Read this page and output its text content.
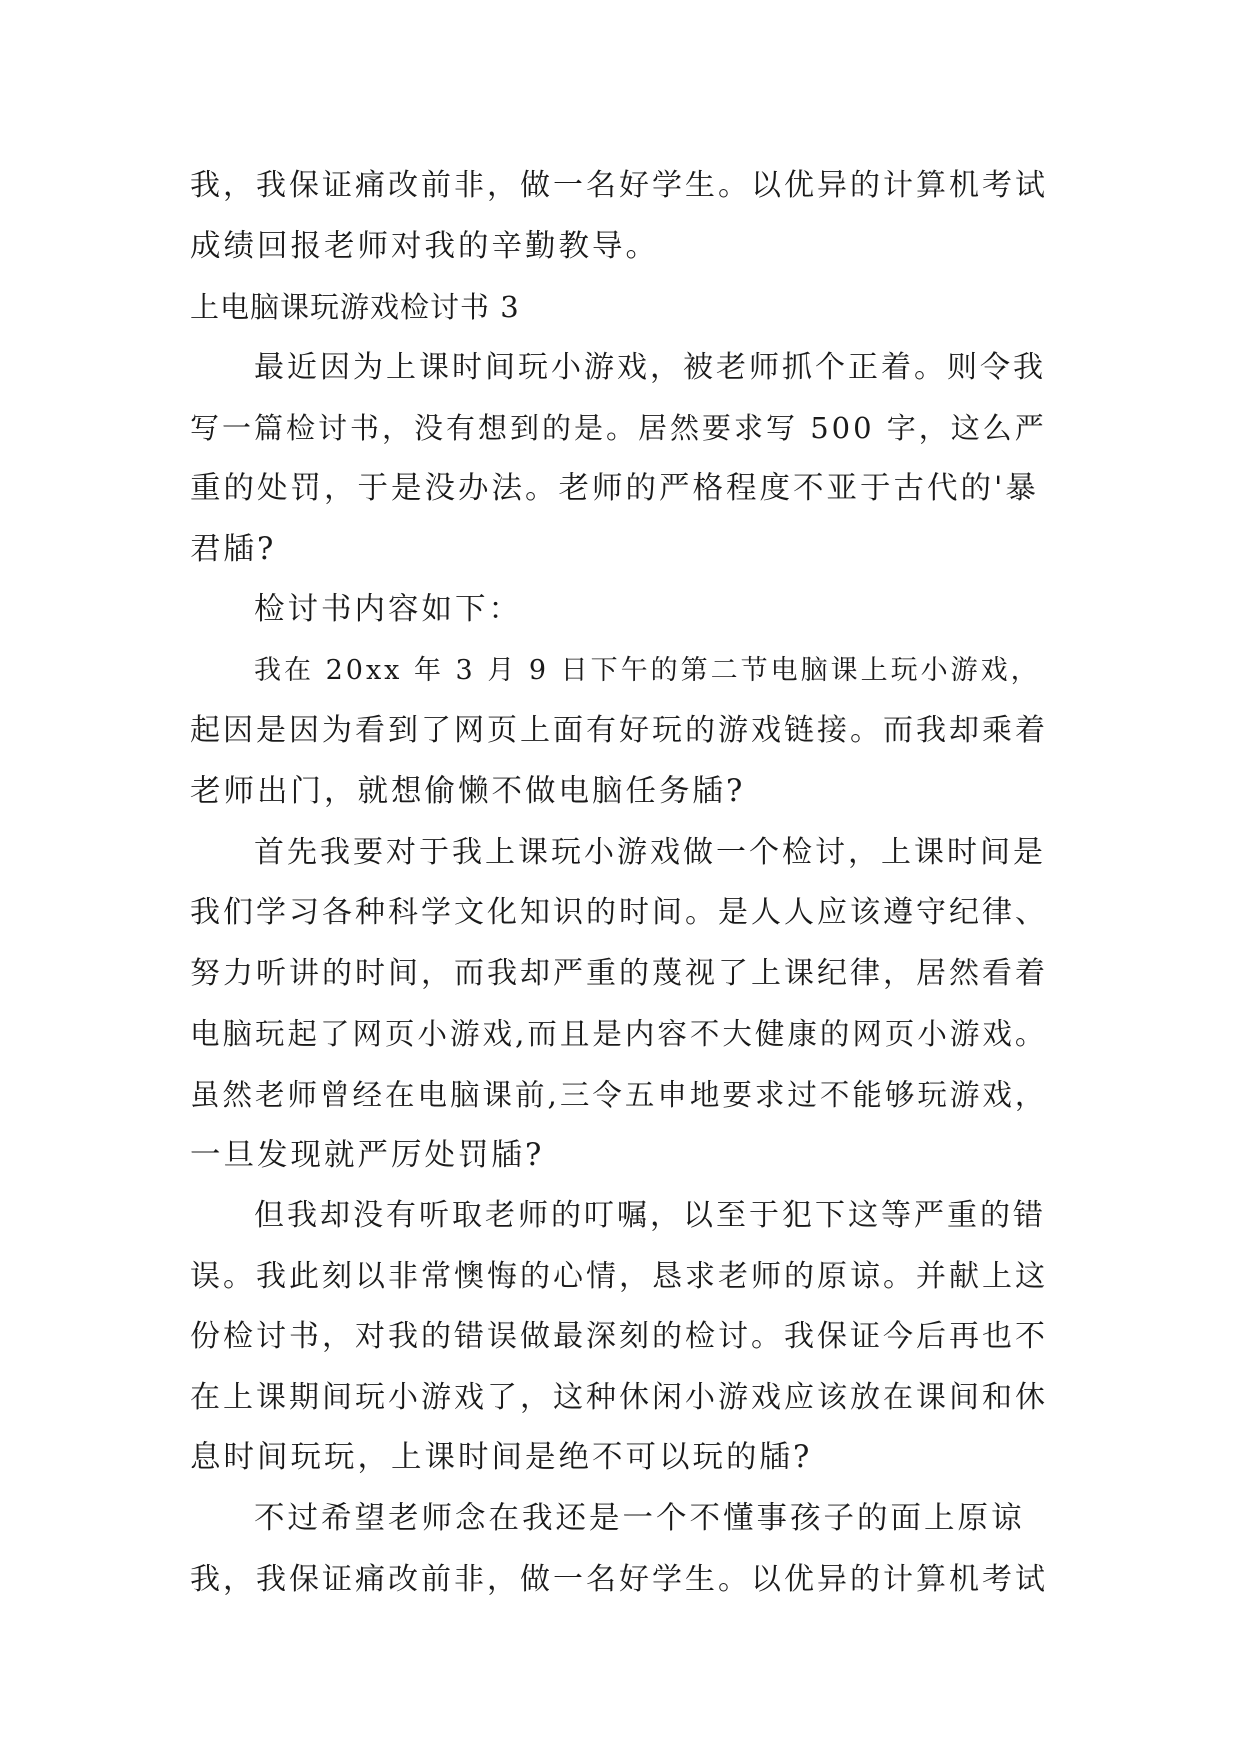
我，我保证痛改前非，做一名好学生。以优异的计算机考试
成绩回报老师对我的辛勤教导。
上电脑课玩游戏检讨书 3
最近因为上课时间玩小游戏，被老师抓个正着。则令我
写一篇检讨书，没有想到的是。居然要求写 500 字，这么严
重的处罚，于是没办法。老师的严格程度不亚于古代的'暴
君牐?
检讨书内容如下：
我在 20xx 年 3 月 9 日下午的第二节电脑课上玩小游戏，
起因是因为看到了网页上面有好玩的游戏链接。而我却乘着
老师出门，就想偷懒不做电脑任务牐?
首先我要对于我上课玩小游戏做一个检讨，上课时间是
我们学习各种科学文化知识的时间。是人人应该遵守纪律、
努力听讲的时间，而我却严重的蔑视了上课纪律，居然看着
电脑玩起了网页小游戏,而且是内容不大健康的网页小游戏。
虽然老师曾经在电脑课前,三令五申地要求过不能够玩游戏，
一旦发现就严厉处罚牐?
但我却没有听取老师的叮嘱，以至于犯下这等严重的错
误。我此刻以非常懊悔的心情，恳求老师的原谅。并献上这
份检讨书，对我的错误做最深刻的检讨。我保证今后再也不
在上课期间玩小游戏了，这种休闲小游戏应该放在课间和休
息时间玩玩，上课时间是绝不可以玩的牐?
不过希望老师念在我还是一个不懂事孩子的面上原谅
我，我保证痛改前非，做一名好学生。以优异的计算机考试
